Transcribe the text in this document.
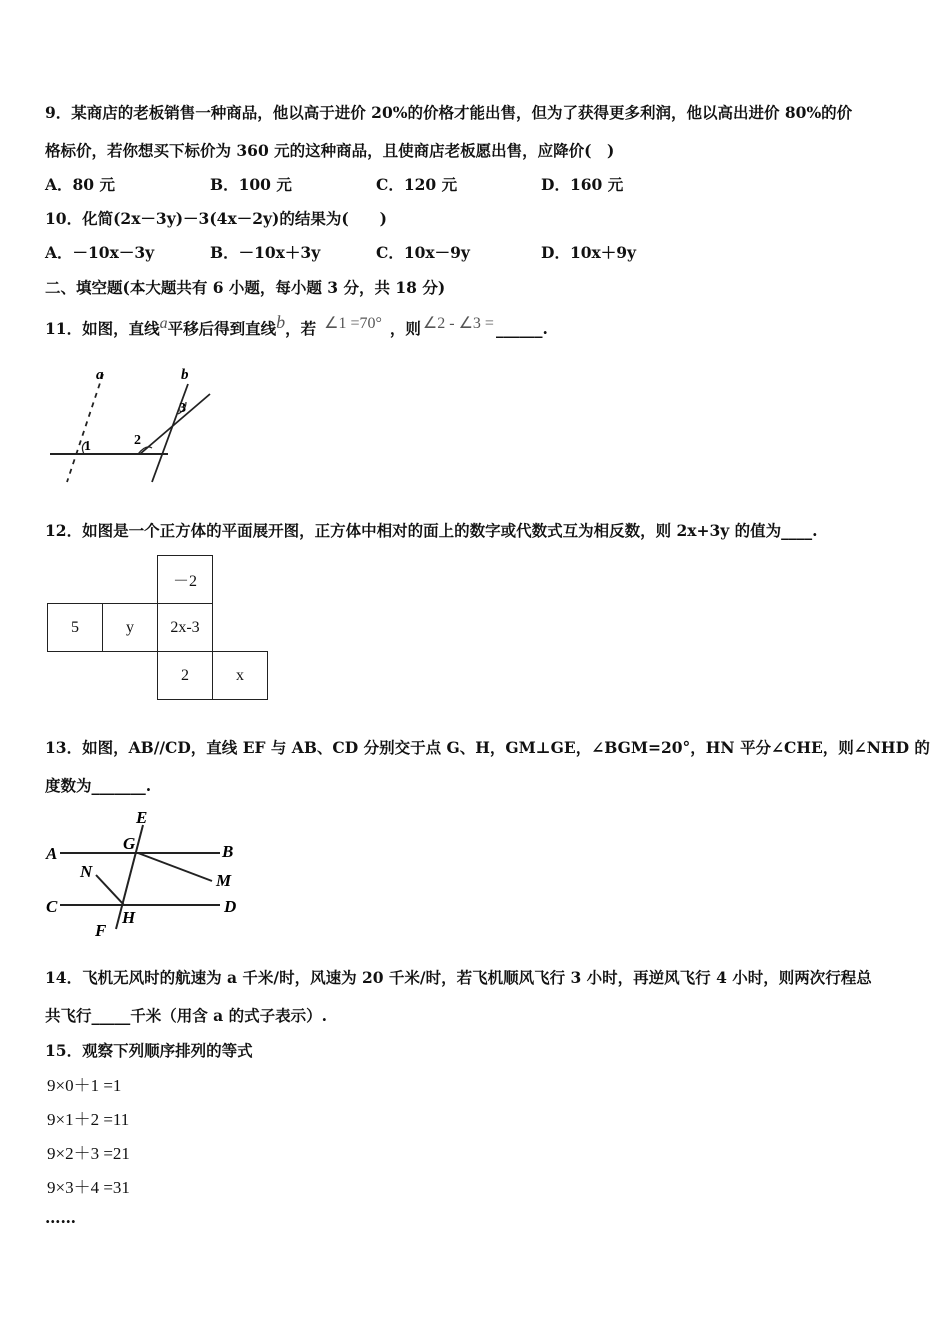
9．某商店的老板销售一种商品，他以高于进价 20%的价格才能出售，但为了获得更多利润，他以高出进价 80%的价
格标价，若你想买下标价为 360 元的这种商品，且使商店老板愿出售，应降价(　)
A．80 元	B．100 元	C．120 元	D．160 元
10．化简(2x－3y)－3(4x－2y)的结果为(　　)
A．－10x－3y	B．－10x＋3y	C．10x－9y	D．10x＋9y
二、填空题(本大题共有 6 小题，每小题 3 分，共 18 分)
11．如图，直线$^a$平移后得到直线$^b$，若 $^{\angle 1 =70^\circ}$ ，则 $^{\angle 2 - \angle 3 =}$ ______.
a	b
1	2
3
12．如图是一个正方体的平面展开图，正方体中相对的面上的数字或代数式互为相反数，则 2x+3y 的值为____.
		－2	
5	y	2x-3	
		2	x
13．如图，AB//CD，直线 EF 与 AB、CD 分别交于点 G、H，GM⊥GE，∠BGM=20°，HN 平分∠CHE，则∠NHD 的
度数为_______.
E
G
A	B
N	M
C	D
F
H
14．飞机无风时的航速为 a 千米/时，风速为 20 千米/时，若飞机顺风飞行 3 小时，再逆风飞行 4 小时，则两次行程总
共飞行_____千米（用含 a 的式子表示）.
15．观察下列顺序排列的等式
9×0＋1 =1
9×1＋2 =11
9×2＋3 =21
9×3＋4 =31
……
